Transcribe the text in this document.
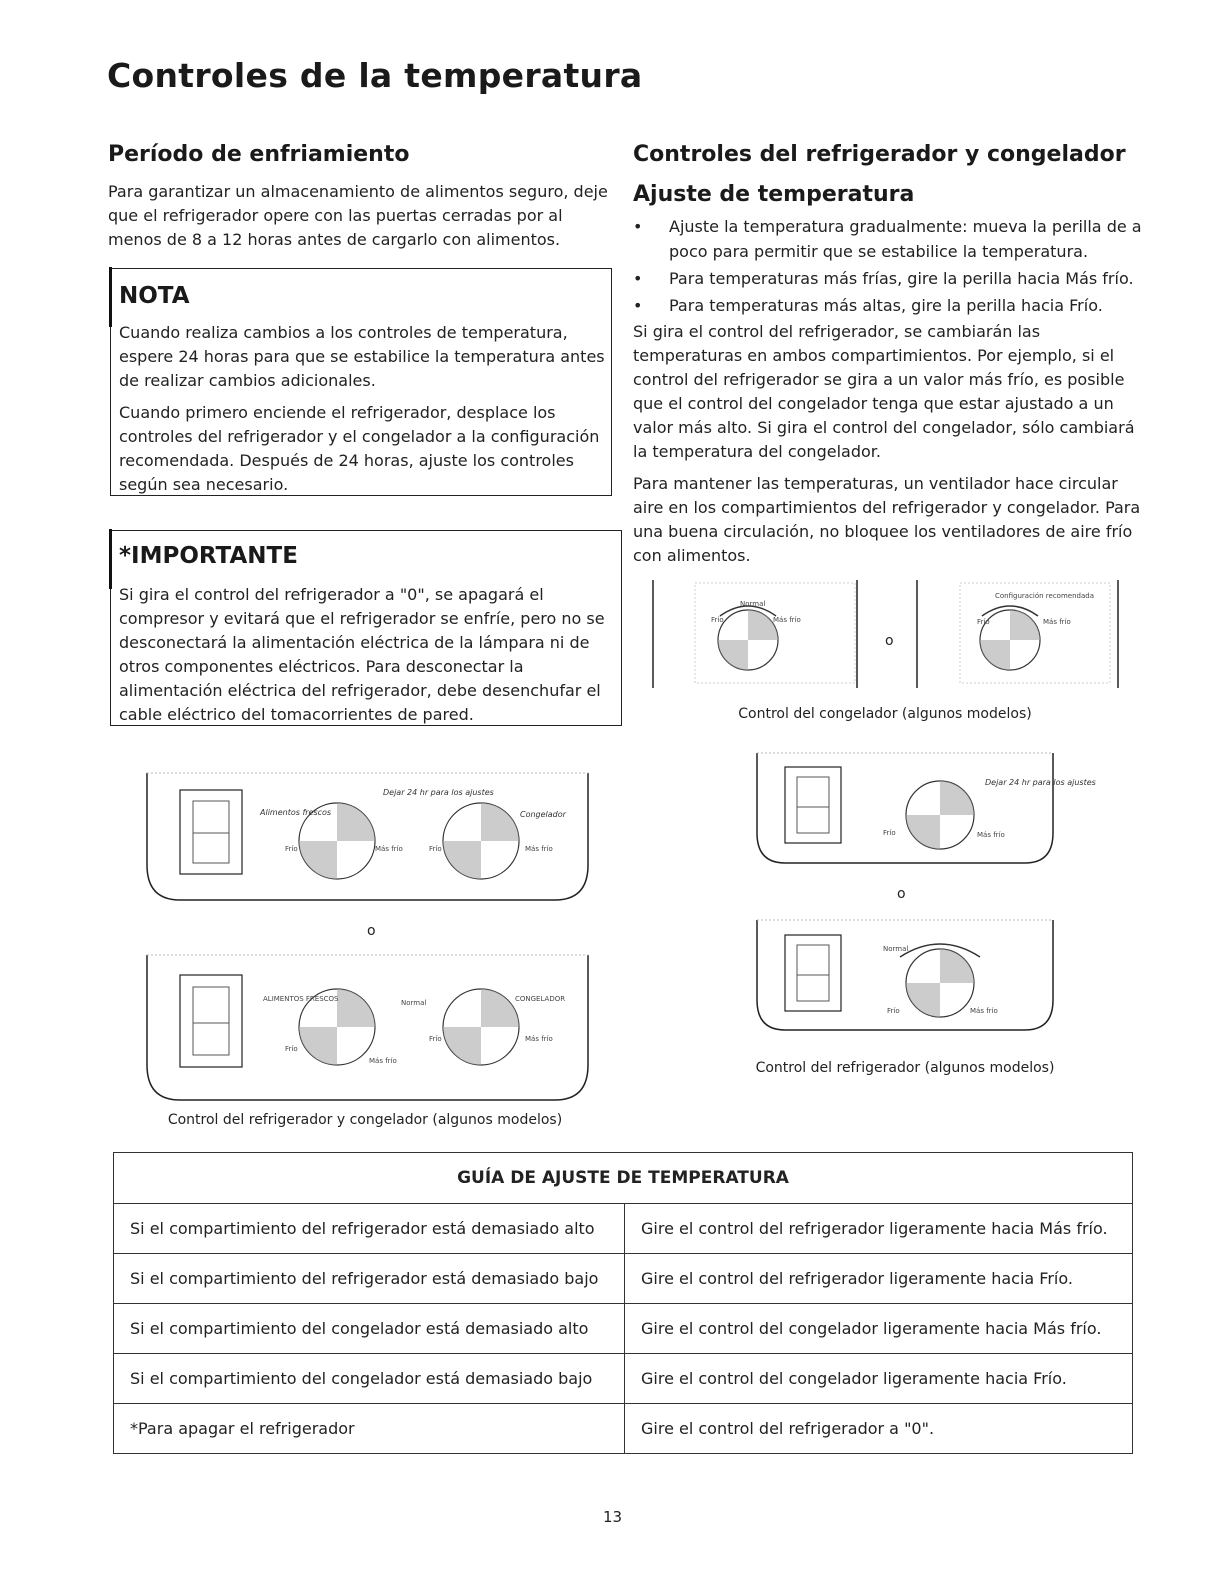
Controles de la temperatura
Período de enfriamiento

Para garantizar un almacenamiento de alimentos seguro, deje que el refrigerador opere con las puertas cerradas por al menos de 8 a 12 horas antes de cargarlo con alimentos.

NOTA

Cuando realiza cambios a los controles de temperatura, espere 24 horas para que se estabilice la temperatura antes de realizar cambios adicionales.

Cuando primero enciende el refrigerador, desplace los controles del refrigerador y el congelador a la configuración recomendada. Después de 24 horas, ajuste los controles según sea necesario.

*IMPORTANTE

Si gira el control del refrigerador a "0", se apagará el compresor y evitará que el refrigerador se enfríe, pero no se desconectará la alimentación eléctrica de la lámpara ni de otros componentes eléctricos. Para desconectar la alimentación eléctrica del refrigerador, debe desenchufar el cable eléctrico del tomacorrientes de pared.

Controles del refrigerador y congelador
Ajuste de temperatura
• Ajuste la temperatura gradualmente: mueva la perilla de a poco para permitir que se estabilice la temperatura.
• Para temperaturas más frías, gire la perilla hacia Más frío.
• Para temperaturas más altas, gire la perilla hacia Frío.

Si gira el control del refrigerador, se cambiarán las temperaturas en ambos compartimientos. Por ejemplo, si el control del refrigerador se gira a un valor más frío, es posible que el control del congelador tenga que estar ajustado a un valor más alto. Si gira el control del congelador, sólo cambiará la temperatura del congelador.

Para mantener las temperaturas, un ventilador hace circular aire en los compartimientos del refrigerador y congelador. Para una buena circulación, no bloquee los ventiladores de aire frío con alimentos.

Normal
Frío	Más frío
o
Configuración recomendada
Frío	Más frío
Control del congelador (algunos modelos)
Dejar 24 hr para los ajustes
Frío	Más frío
o
Normal
Frío	Más frío
Control del refrigerador (algunos modelos)
Alimentos frescos	Congelador
Dejar 24 hr para los ajustes
Frío	Más frío	Frío	Más frío
o
ALIMENTOS FRESCOS	CONGELADOR
Normal
Frío	Más frío
Frío
Más frío
Control del refrigerador y congelador (algunos modelos)
GUÍA DE AJUSTE DE TEMPERATURA	
Si el compartimiento del refrigerador está demasiado alto	Gire el control del refrigerador ligeramente hacia Más frío.
Si el compartimiento del refrigerador está demasiado bajo	Gire el control del refrigerador ligeramente hacia Frío.
Si el compartimiento del congelador está demasiado alto	Gire el control del congelador ligeramente hacia Más frío.
Si el compartimiento del congelador está demasiado bajo	Gire el control del congelador ligeramente hacia Frío.
*Para apagar el refrigerador	Gire el control del refrigerador a "0".
13
